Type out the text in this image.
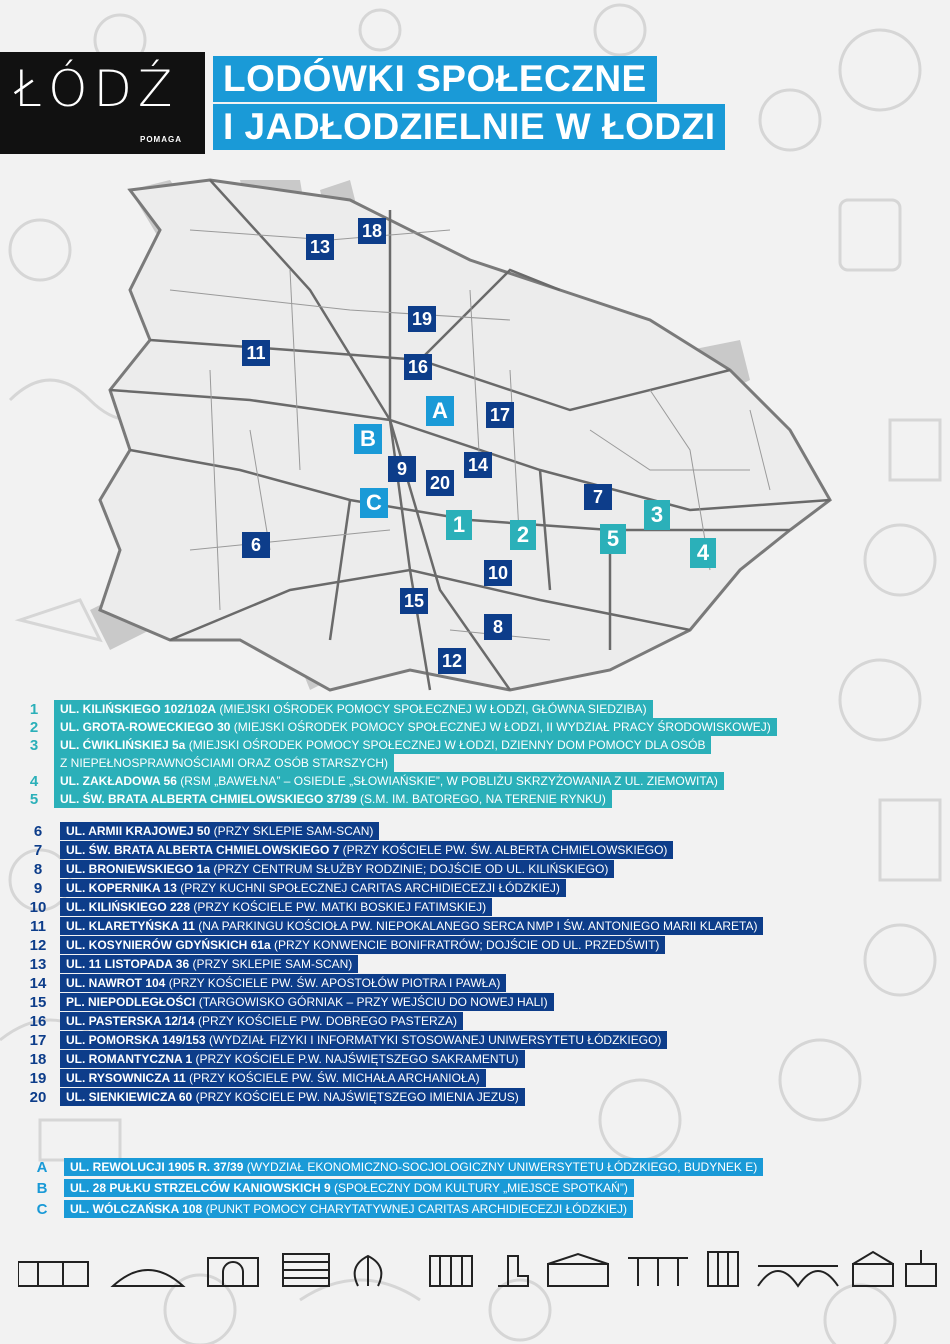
ŁÓDŹ
POMAGA
LODÓWKI SPOŁECZNE
I JADŁODZIELNIE W ŁODZI
13
18
19
11
16
A	17
B
9	14
20
C	7
3
1	2	5
4
6
10
15
8
12
1	UL. KILIŃSKIEGO 102/102A (MIEJSKI OŚRODEK POMOCY SPOŁECZNEJ W ŁODZI, GŁÓWNA SIEDZIBA)
2	UL. GROTA-ROWECKIEGO 30 (MIEJSKI OŚRODEK POMOCY SPOŁECZNEJ W ŁODZI, II WYDZIAŁ PRACY ŚRODOWISKOWEJ)
3	UL. ĆWIKLIŃSKIEJ 5a (MIEJSKI OŚRODEK POMOCY SPOŁECZNEJ W ŁODZI, DZIENNY DOM POMOCY DLA OSÓB
Z NIEPEŁNOSPRAWNOŚCIAMI ORAZ OSÓB STARSZYCH)
4	UL. ZAKŁADOWA 56 (RSM „BAWEŁNA” – OSIEDLE „SŁOWIAŃSKIE”, W POBLIŻU SKRZYŻOWANIA Z UL. ZIEMOWITA)
5	UL. ŚW. BRATA ALBERTA CHMIELOWSKIEGO 37/39 (S.M. IM. BATOREGO, NA TERENIE RYNKU)
6	UL. ARMII KRAJOWEJ 50 (PRZY SKLEPIE SAM-SCAN)
7	UL. ŚW. BRATA ALBERTA CHMIELOWSKIEGO 7 (PRZY KOŚCIELE PW. ŚW. ALBERTA CHMIELOWSKIEGO)
8	UL. BRONIEWSKIEGO 1a (PRZY CENTRUM SŁUŻBY RODZINIE; DOJŚCIE OD UL. KILIŃSKIEGO)
9	UL. KOPERNIKA 13 (PRZY KUCHNI SPOŁECZNEJ CARITAS ARCHIDIECEZJI ŁÓDZKIEJ)
10	UL. KILIŃSKIEGO 228 (PRZY KOŚCIELE PW. MATKI BOSKIEJ FATIMSKIEJ)
11	UL. KLARETYŃSKA 11 (NA PARKINGU KOŚCIOŁA PW. NIEPOKALANEGO SERCA NMP I ŚW. ANTONIEGO MARII KLARETA)
12	UL. KOSYNIERÓW GDYŃSKICH 61a (PRZY KONWENCIE BONIFRATRÓW; DOJŚCIE OD UL. PRZEDŚWIT)
13	UL. 11 LISTOPADA 36 (PRZY SKLEPIE SAM-SCAN)
14	UL. NAWROT 104 (PRZY KOŚCIELE PW. ŚW. APOSTOŁÓW PIOTRA I PAWŁA)
15	PL. NIEPODLEGŁOŚCI (TARGOWISKO GÓRNIAK – PRZY WEJŚCIU DO NOWEJ HALI)
16	UL. PASTERSKA 12/14 (PRZY KOŚCIELE PW. DOBREGO PASTERZA)
17	UL. POMORSKA 149/153 (WYDZIAŁ FIZYKI I INFORMATYKI STOSOWANEJ UNIWERSYTETU ŁÓDZKIEGO)
18	UL. ROMANTYCZNA 1 (PRZY KOŚCIELE P.W. NAJŚWIĘTSZEGO SAKRAMENTU)
19	UL. RYSOWNICZA 11 (PRZY KOŚCIELE PW. ŚW. MICHAŁA ARCHANIOŁA)
20	UL. SIENKIEWICZA 60 (PRZY KOŚCIELE PW. NAJŚWIĘTSZEGO IMIENIA JEZUS)
A	UL. REWOLUCJI 1905 R. 37/39 (WYDZIAŁ EKONOMICZNO-SOCJOLOGICZNY UNIWERSYTETU ŁÓDZKIEGO, BUDYNEK E)
B	UL. 28 PUŁKU STRZELCÓW KANIOWSKICH 9 (SPOŁECZNY DOM KULTURY „MIEJSCE SPOTKAŃ”)
C	UL. WÓLCZAŃSKA 108 (PUNKT POMOCY CHARYTATYWNEJ CARITAS ARCHIDIECEZJI ŁÓDZKIEJ)
